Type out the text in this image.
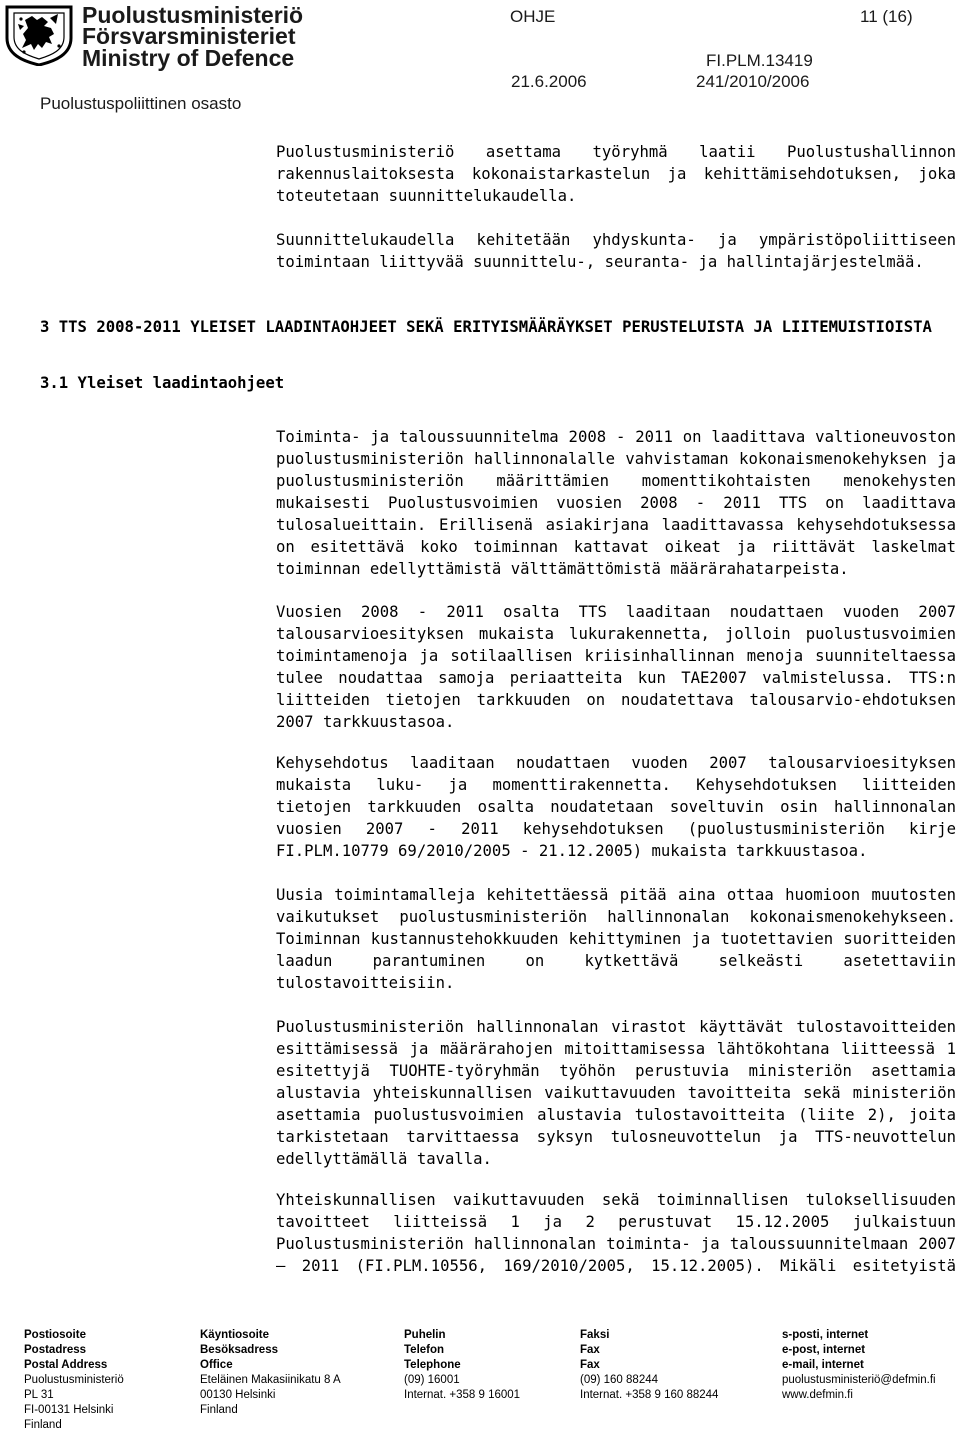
Puolustusministeriö
Försvarsministeriet
Ministry of Defence
Puolustuspoliittinen osasto
OHJE	11 (16)
FI.PLM.13419
21.6.2006	241/2010/2006

Puolustusministeriö asettama työryhmä laatii Puolustushallinnon rakennuslaitoksesta kokonaistarkastelun ja kehittämisehdotuksen, joka toteutetaan suunnittelukaudella.

Suunnittelukaudella kehitetään yhdyskunta- ja ympäristöpoliittiseen toimintaan liittyvää suunnittelu-, seuranta- ja hallintajärjestelmää.

3 TTS 2008-2011 YLEISET LAADINTAOHJEET SEKÄ ERITYISMÄÄRÄYKSET PERUSTELUISTA JA LIITEMUISTIOISTA
3.1 Yleiset laadintaohjeet

Toiminta- ja taloussuunnitelma 2008 - 2011 on laadittava valtioneuvoston puolustusministeriön hallinnonalalle vahvistaman kokonaismenokehyksen ja puolustusministeriön määrittämien momenttikohtaisten menokehysten mukaisesti Puolustusvoimien vuosien 2008 - 2011 TTS on laadittava tulosalueittain. Erillisenä asiakirjana laadittavassa kehysehdotuksessa on esitettävä koko toiminnan kattavat oikeat ja riittävät laskelmat toiminnan edellyttämistä välttämättömistä määrärahatarpeista.

Vuosien 2008 - 2011 osalta TTS laaditaan noudattaen vuoden 2007 talousarvioesityksen mukaista lukurakennetta, jolloin puolustusvoimien toimintamenoja ja sotilaallisen kriisinhallinnan menoja suunniteltaessa tulee noudattaa samoja periaatteita kun TAE2007 valmistelussa. TTS:n liitteiden tietojen tarkkuuden on noudatettava talousarvio-ehdotuksen 2007 tarkkuustasoa.

Kehysehdotus laaditaan noudattaen vuoden 2007 talousarvioesityksen mukaista luku- ja momenttirakennetta. Kehysehdotuksen liitteiden tietojen tarkkuuden osalta noudatetaan soveltuvin osin hallinnonalan vuosien 2007 - 2011 kehysehdotuksen (puolustusministeriön kirje FI.PLM.10779 69/2010/2005 - 21.12.2005) mukaista tarkkuustasoa.

Uusia toimintamalleja kehitettäessä pitää aina ottaa huomioon muutosten vaikutukset puolustusministeriön hallinnonalan kokonaismenokehykseen. Toiminnan kustannustehokkuuden kehittyminen ja tuotettavien suoritteiden laadun parantuminen on kytkettävä selkeästi asetettaviin tulostavoitteisiin.

Puolustusministeriön hallinnonalan virastot käyttävät tulostavoitteiden esittämisessä ja määrärahojen mitoittamisessa lähtökohtana liitteessä 1 esitettyjä TUOHTE-työryhmän työhön perustuvia ministeriön asettamia alustavia yhteiskunnallisen vaikuttavuuden tavoitteita sekä ministeriön asettamia puolustusvoimien alustavia tulostavoitteita (liite 2), joita tarkistetaan tarvittaessa syksyn tulosneuvottelun ja TTS-neuvottelun edellyttämällä tavalla.

Yhteiskunnallisen vaikuttavuuden sekä toiminnallisen tuloksellisuuden tavoitteet liitteissä 1 ja 2 perustuvat 15.12.2005 julkaistuun Puolustusministeriön hallinnonalan toiminta- ja taloussuunnitelmaan 2007 — 2011 (FI.PLM.10556, 169/2010/2005, 15.12.2005). Mikäli esitetyistä

Postiosoite
Postadress
Postal Address
Puolustusministeriö
PL 31
FI-00131 Helsinki
Finland
Käyntiosoite
Besöksadress
Office
Eteläinen Makasiinikatu 8 A
00130 Helsinki
Finland
Puhelin
Telefon
Telephone
(09) 16001
Internat. +358 9 16001
Faksi
Fax
Fax
(09) 160 88244
Internat. +358 9 160 88244
s-posti, internet
e-post, internet
e-mail, internet
puolustusministeriö@defmin.fi
www.defmin.fi
